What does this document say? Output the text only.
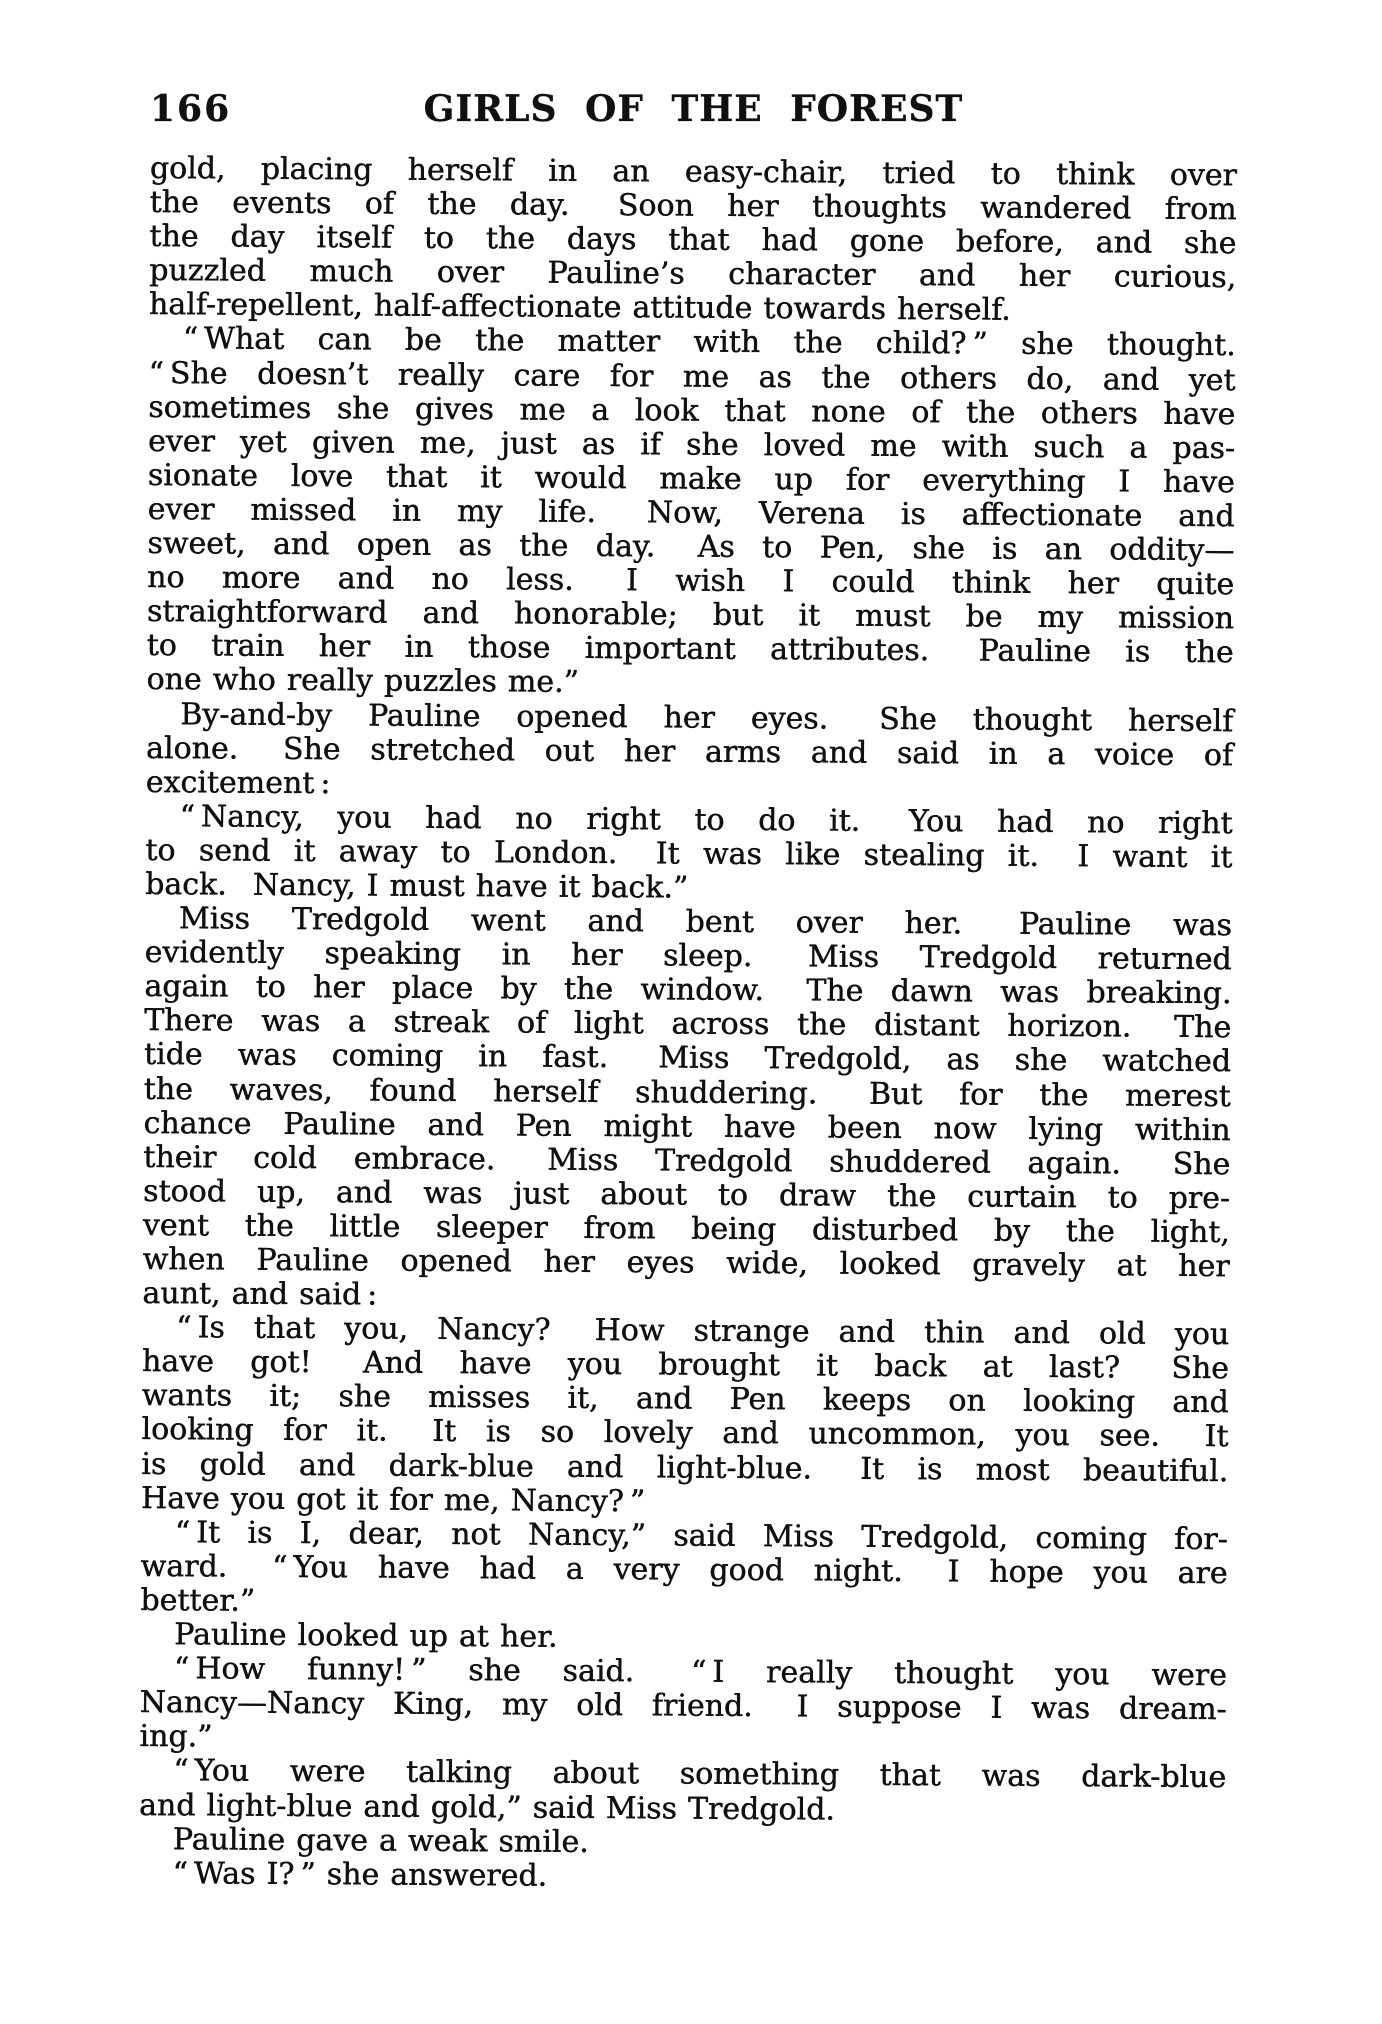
166	GIRLS OF THE FOREST
gold, placing herself in an easy-chair, tried to think over
the events of the day.  Soon her thoughts wandered from
the day itself to the days that had gone before, and she
puzzled much over Pauline’s character and her curious,
half-repellent, half-affectionate attitude towards herself.
“ What can be the matter with the child? ” she thought.
“ She doesn’t really care for me as the others do, and yet
sometimes she gives me a look that none of the others have
ever yet given me, just as if she loved me with such a pas-
sionate love that it would make up for everything I have
ever missed in my life.  Now, Verena is affectionate and
sweet, and open as the day.  As to Pen, she is an oddity—
no more and no less.  I wish I could think her quite
straightforward and honorable; but it must be my mission
to train her in those important attributes.  Pauline is the
one who really puzzles me.”
By-and-by Pauline opened her eyes.  She thought herself
alone.  She stretched out her arms and said in a voice of
excitement :
“ Nancy, you had no right to do it.  You had no right
to send it away to London.  It was like stealing it.  I want it
back.  Nancy, I must have it back.”
Miss Tredgold went and bent over her.  Pauline was
evidently speaking in her sleep.  Miss Tredgold returned
again to her place by the window.  The dawn was breaking.
There was a streak of light across the distant horizon.  The
tide was coming in fast.  Miss Tredgold, as she watched
the waves, found herself shuddering.  But for the merest
chance Pauline and Pen might have been now lying within
their cold embrace.  Miss Tredgold shuddered again.  She
stood up, and was just about to draw the curtain to pre-
vent the little sleeper from being disturbed by the light,
when Pauline opened her eyes wide, looked gravely at her
aunt, and said :
“ Is that you, Nancy?  How strange and thin and old you
have got!  And have you brought it back at last?  She
wants it; she misses it, and Pen keeps on looking and
looking for it.  It is so lovely and uncommon, you see.  It
is gold and dark-blue and light-blue.  It is most beautiful.
Have you got it for me, Nancy? ”
“ It is I, dear, not Nancy,” said Miss Tredgold, coming for-
ward.  “ You have had a very good night.  I hope you are
better.”
Pauline looked up at her.
“ How funny! ” she said.  “ I really thought you were
Nancy—Nancy King, my old friend.  I suppose I was dream-
ing.”
“ You were talking about something that was dark-blue
and light-blue and gold,” said Miss Tredgold.
Pauline gave a weak smile.
“ Was I? ” she answered.
